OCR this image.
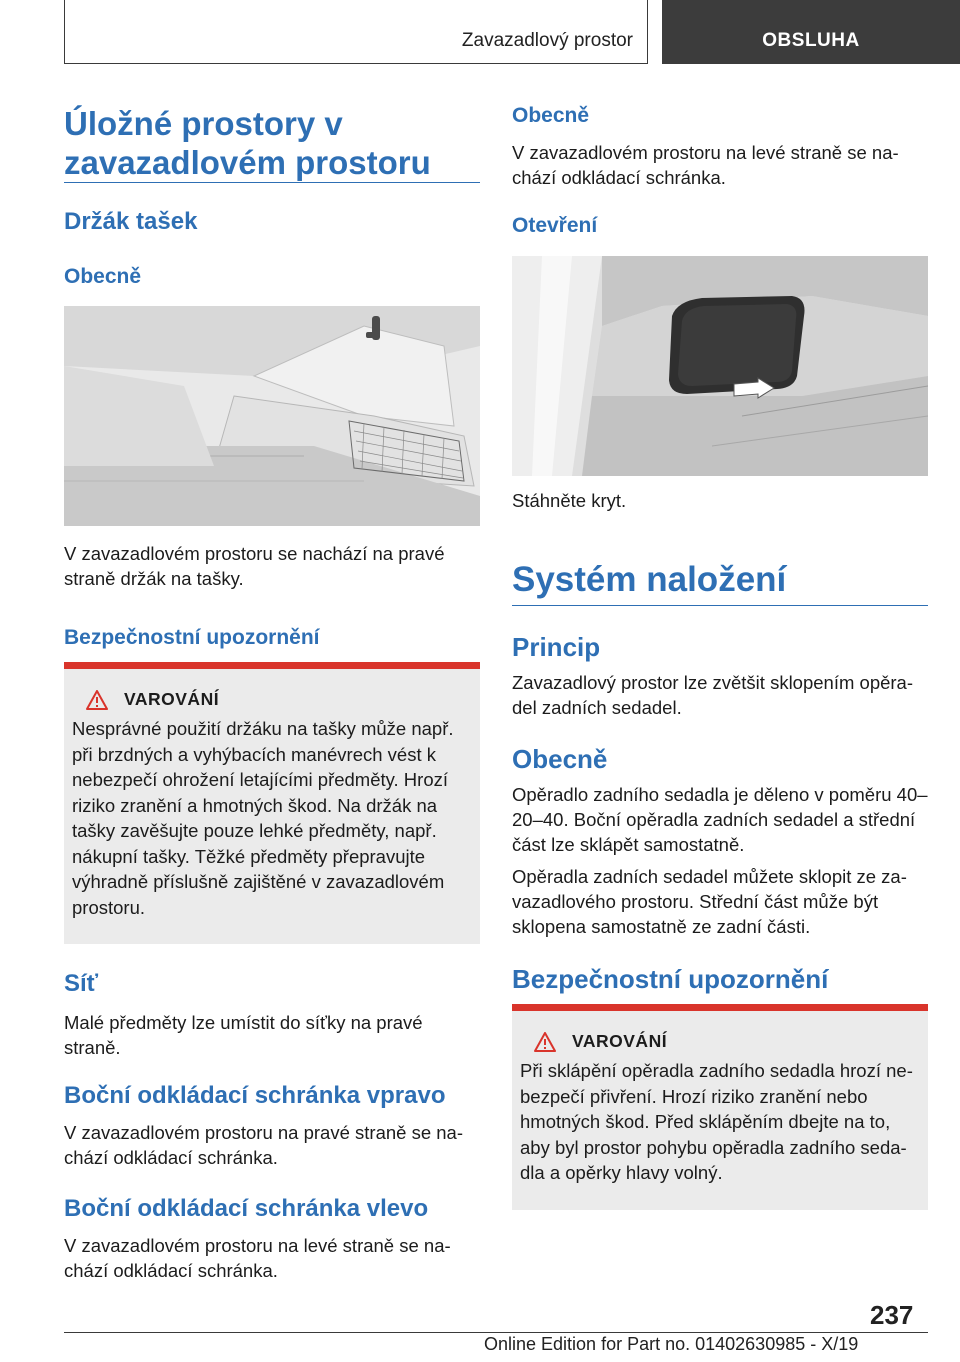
Zavazadlový prostor	OBSLUHA
Úložné prostory v
zavazadlovém prostoru
Držák tašek
Obecně

V zavazadlovém prostoru se nachází na pravé straně držák na tašky.

Bezpečnostní upozornění
VAROVÁNÍ
Nesprávné použití držáku na tašky může např. při brzdných a vyhýbacích manévrech vést k nebezpečí ohrožení letajícími předměty. Hrozí riziko zranění a hmotných škod. Na držák na tašky zavěšujte pouze lehké předměty, např. nákupní tašky. Těžké předměty přepravujte výhradně příslušně zajištěné v zavazadlovém prostoru.
Síť

Malé předměty lze umístit do síťky na pravé straně.

Boční odkládací schránka vpravo

V zavazadlovém prostoru na pravé straně se nachází odkládací schránka.

Boční odkládací schránka vlevo

V zavazadlovém prostoru na levé straně se nachází odkládací schránka.

Obecně

V zavazadlovém prostoru na levé straně se nachází odkládací schránka.

Otevření

Stáhněte kryt.

Systém naložení
Princip

Zavazadlový prostor lze zvětšit sklopením opěradel zadních sedadel.

Obecně

Opěradlo zadního sedadla je děleno v poměru 40–20–40. Boční opěradla zadních sedadel a střední část lze sklápět samostatně.

Opěradla zadních sedadel můžete sklopit ze zavazadlového prostoru. Střední část může být sklopena samostatně ze zadní části.

Bezpečnostní upozornění
VAROVÁNÍ
Při sklápění opěradla zadního sedadla hrozí nebezpečí přivření. Hrozí riziko zranění nebo hmotných škod. Před sklápěním dbejte na to, aby byl prostor pohybu opěradla zadního sedadla a opěrky hlavy volný.
237
Online Edition for Part no. 01402630985 - X/19
